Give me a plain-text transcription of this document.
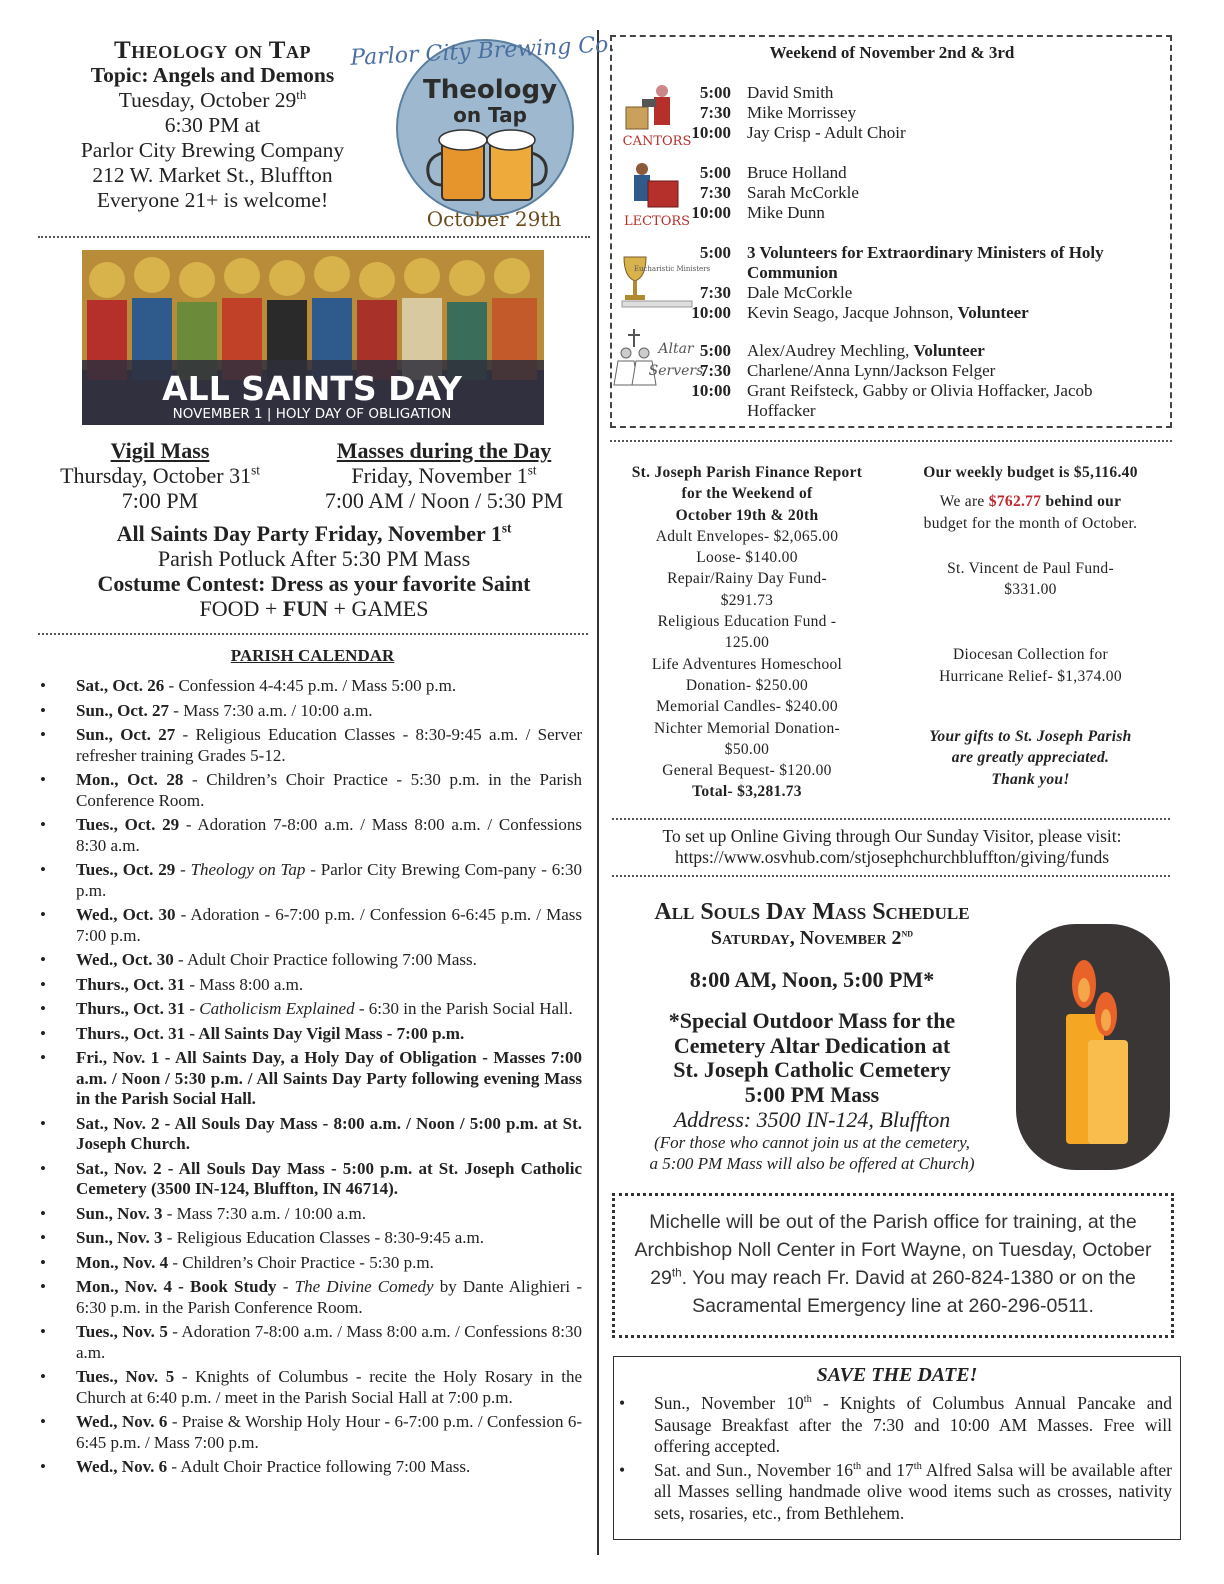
Theology on Tap
Topic: Angels and Demons
Tuesday, October 29th
6:30 PM at
Parlor City Brewing Company
212 W. Market St., Bluffton
Everyone 21+ is welcome!
Parlor City Brewing Co.
Theology
on Tap
October 29th
ALL SAINTS DAY
NOVEMBER 1 | HOLY DAY OF OBLIGATION
Vigil Mass
Thursday, October 31st
7:00 PM
Masses during the Day
Friday, November 1st
7:00 AM / Noon / 5:30 PM
All Saints Day Party Friday, November 1st
Parish Potluck After 5:30 PM Mass
Costume Contest: Dress as your favorite Saint
FOOD + FUN + GAMES
PARISH CALENDAR
• Sat., Oct. 26 - Confession 4-4:45 p.m. / Mass 5:00 p.m.
• Sun., Oct. 27 - Mass 7:30 a.m. / 10:00 a.m.
• Sun., Oct. 27 - Religious Education Classes - 8:30-9:45 a.m. / Server refresher training Grades 5-12.
• Mon., Oct. 28 - Children’s Choir Practice - 5:30 p.m. in the Parish Conference Room.
• Tues., Oct. 29 - Adoration 7-8:00 a.m. / Mass 8:00 a.m. / Confessions 8:30 a.m.
• Tues., Oct. 29 - Theology on Tap - Parlor City Brewing Com-pany - 6:30 p.m.
• Wed., Oct. 30 - Adoration - 6-7:00 p.m. / Confession 6-6:45 p.m. / Mass 7:00 p.m.
• Wed., Oct. 30 - Adult Choir Practice following 7:00 Mass.
• Thurs., Oct. 31 - Mass 8:00 a.m.
• Thurs., Oct. 31 - Catholicism Explained - 6:30 in the Parish Social Hall.
• Thurs., Oct. 31 - All Saints Day Vigil Mass - 7:00 p.m.
• Fri., Nov. 1 - All Saints Day, a Holy Day of Obligation - Masses 7:00 a.m. / Noon / 5:30 p.m. / All Saints Day Party following evening Mass in the Parish Social Hall.
• Sat., Nov. 2 - All Souls Day Mass - 8:00 a.m. / Noon / 5:00 p.m. at St. Joseph Church.
• Sat., Nov. 2 - All Souls Day Mass - 5:00 p.m. at St. Joseph Catholic Cemetery (3500 IN-124, Bluffton, IN 46714).
• Sun., Nov. 3 - Mass 7:30 a.m. / 10:00 a.m.
• Sun., Nov. 3 - Religious Education Classes - 8:30-9:45 a.m.
• Mon., Nov. 4 - Children’s Choir Practice - 5:30 p.m.
• Mon., Nov. 4 - Book Study - The Divine Comedy by Dante Alighieri - 6:30 p.m. in the Parish Conference Room.
• Tues., Nov. 5 - Adoration 7-8:00 a.m. / Mass 8:00 a.m. / Confessions 8:30 a.m.
• Tues., Nov. 5 - Knights of Columbus - recite the Holy Rosary in the Church at 6:40 p.m. / meet in the Parish Social Hall at 7:00 p.m.
• Wed., Nov. 6 - Praise & Worship Holy Hour - 6-7:00 p.m. / Confession 6-6:45 p.m. / Mass 7:00 p.m.
• Wed., Nov. 6 - Adult Choir Practice following 7:00 Mass.
Weekend of November 2nd & 3rd
CANTORS
5:00 David Smith
7:30 Mike Morrissey
10:00 Jay Crisp - Adult Choir
LECTORS
5:00 Bruce Holland
7:30 Sarah McCorkle
10:00 Mike Dunn
Eucharistic Ministers
5:00 3 Volunteers for Extraordinary Ministers of Holy Communion
7:30 Dale McCorkle
10:00 Kevin Seago, Jacque Johnson, Volunteer
Altar
Servers
5:00 Alex/Audrey Mechling, Volunteer
7:30 Charlene/Anna Lynn/Jackson Felger
10:00 Grant Reifsteck, Gabby or Olivia Hoffacker, Jacob Hoffacker
St. Joseph Parish Finance Report
for the Weekend of
October 19th & 20th
Adult Envelopes- $2,065.00
Loose- $140.00
Repair/Rainy Day Fund-
$291.73
Religious Education Fund -
125.00
Life Adventures Homeschool
Donation- $250.00
Memorial Candles- $240.00
Nichter Memorial Donation-
$50.00
General Bequest- $120.00
Total- $3,281.73
Our weekly budget is $5,116.40
We are $762.77 behind our
budget for the month of October.
St. Vincent de Paul Fund-
$331.00
Diocesan Collection for
Hurricane Relief- $1,374.00
Your gifts to St. Joseph Parish
are greatly appreciated.
Thank you!
To set up Online Giving through Our Sunday Visitor, please visit:
https://www.osvhub.com/stjosephchurchbluffton/giving/funds
All Souls Day Mass Schedule
Saturday, November 2nd
8:00 AM, Noon, 5:00 PM*
*Special Outdoor Mass for the
Cemetery Altar Dedication at
St. Joseph Catholic Cemetery
5:00 PM Mass
Address: 3500 IN-124, Bluffton
(For those who cannot join us at the cemetery,
a 5:00 PM Mass will also be offered at Church)
Michelle will be out of the Parish office for training, at the Archbishop Noll Center in Fort Wayne, on Tuesday, October 29th. You may reach Fr. David at 260-824-1380 or on the Sacramental Emergency line at 260-296-0511.
SAVE THE DATE!
• Sun., November 10th - Knights of Columbus Annual Pancake and Sausage Breakfast after the 7:30 and 10:00 AM Masses. Free will offering accepted.
• Sat. and Sun., November 16th and 17th Alfred Salsa will be available after all Masses selling handmade olive wood items such as crosses, nativity sets, rosaries, etc., from Bethlehem.
